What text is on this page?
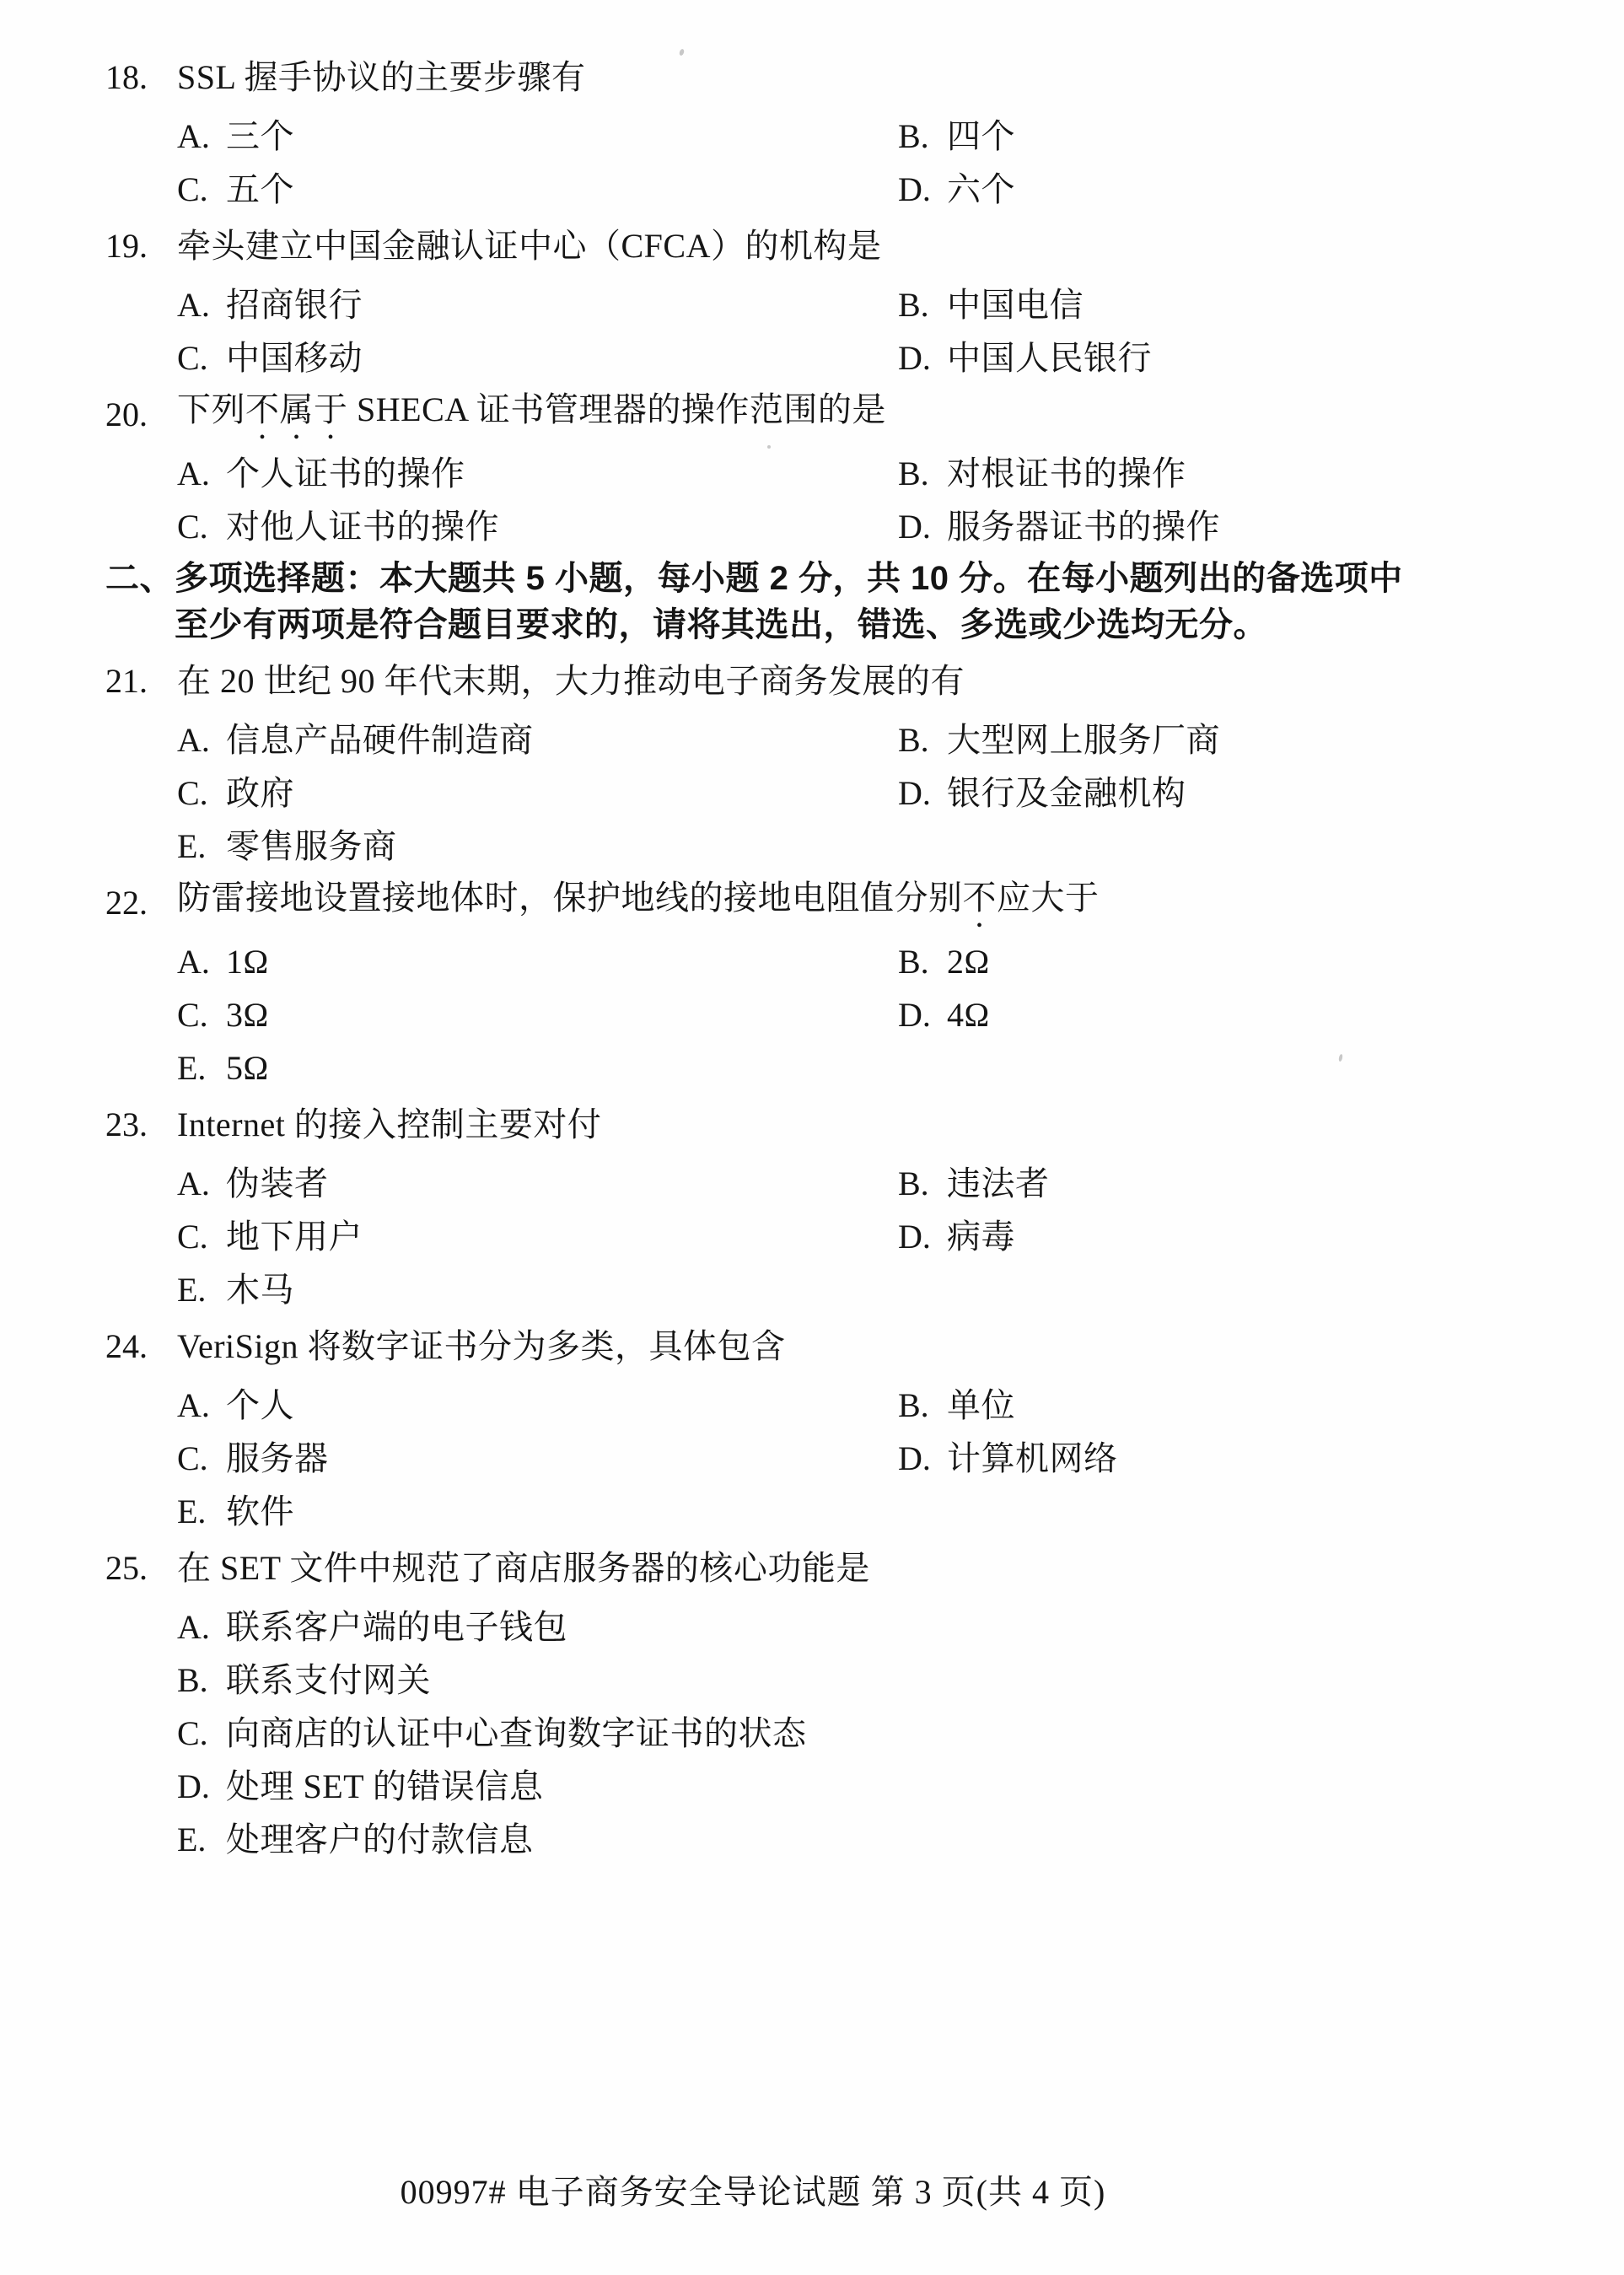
18. SSL 握手协议的主要步骤有
A. 三个	B. 四个
C. 五个	D. 六个
19. 牵头建立中国金融认证中心（CFCA）的机构是
A. 招商银行	B. 中国电信
C. 中国移动	D. 中国人民银行
20. 下列不属于 SHECA 证书管理器的操作范围的是
A. 个人证书的操作	B. 对根证书的操作
C. 对他人证书的操作	D. 服务器证书的操作
二、 多项选择题：本大题共 5 小题，每小题 2 分，共 10 分。在每小题列出的备选项中
至少有两项是符合题目要求的，请将其选出，错选、多选或少选均无分。
21. 在 20 世纪 90 年代末期，大力推动电子商务发展的有
A. 信息产品硬件制造商	B. 大型网上服务厂商
C. 政府	D. 银行及金融机构
E. 零售服务商
22. 防雷接地设置接地体时，保护地线的接地电阻值分别不应大于
A. 1Ω	B. 2Ω
C. 3Ω	D. 4Ω
E. 5Ω
23. Internet 的接入控制主要对付
A. 伪装者	B. 违法者
C. 地下用户	D. 病毒
E. 木马
24. VeriSign 将数字证书分为多类，具体包含
A. 个人	B. 单位
C. 服务器	D. 计算机网络
E. 软件
25. 在 SET 文件中规范了商店服务器的核心功能是
A. 联系客户端的电子钱包
B. 联系支付网关
C. 向商店的认证中心查询数字证书的状态
D. 处理 SET 的错误信息
E. 处理客户的付款信息
00997# 电子商务安全导论试题 第 3 页(共 4 页)
